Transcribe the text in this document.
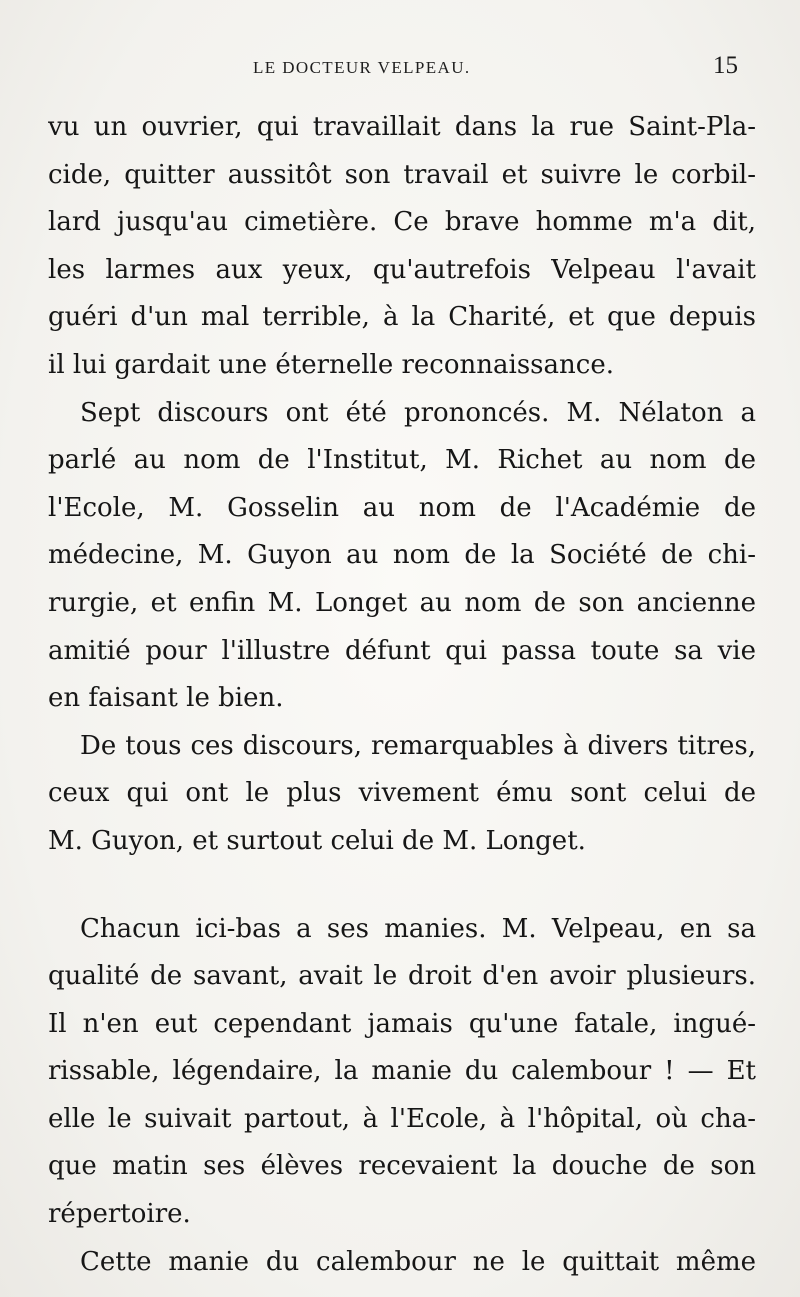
LE DOCTEUR VELPEAU.	15
vu un ouvrier, qui travaillait dans la rue Saint-Pla-
cide, quitter aussitôt son travail et suivre le corbil-
lard jusqu'au cimetière. Ce brave homme m'a dit,
les larmes aux yeux, qu'autrefois Velpeau l'avait
guéri d'un mal terrible, à la Charité, et que depuis
il lui gardait une éternelle reconnaissance.
Sept discours ont été prononcés. M. Nélaton a
parlé au nom de l'Institut, M. Richet au nom de
l'Ecole, M. Gosselin au nom de l'Académie de
médecine, M. Guyon au nom de la Société de chi-
rurgie, et enfin M. Longet au nom de son ancienne
amitié pour l'illustre défunt qui passa toute sa vie
en faisant le bien.
De tous ces discours, remarquables à divers titres,
ceux qui ont le plus vivement ému sont celui de
M. Guyon, et surtout celui de M. Longet.
Chacun ici-bas a ses manies. M. Velpeau, en sa
qualité de savant, avait le droit d'en avoir plusieurs.
Il n'en eut cependant jamais qu'une fatale, ingué-
rissable, légendaire, la manie du calembour ! — Et
elle le suivait partout, à l'Ecole, à l'hôpital, où cha-
que matin ses élèves recevaient la douche de son
répertoire.
Cette manie du calembour ne le quittait même
